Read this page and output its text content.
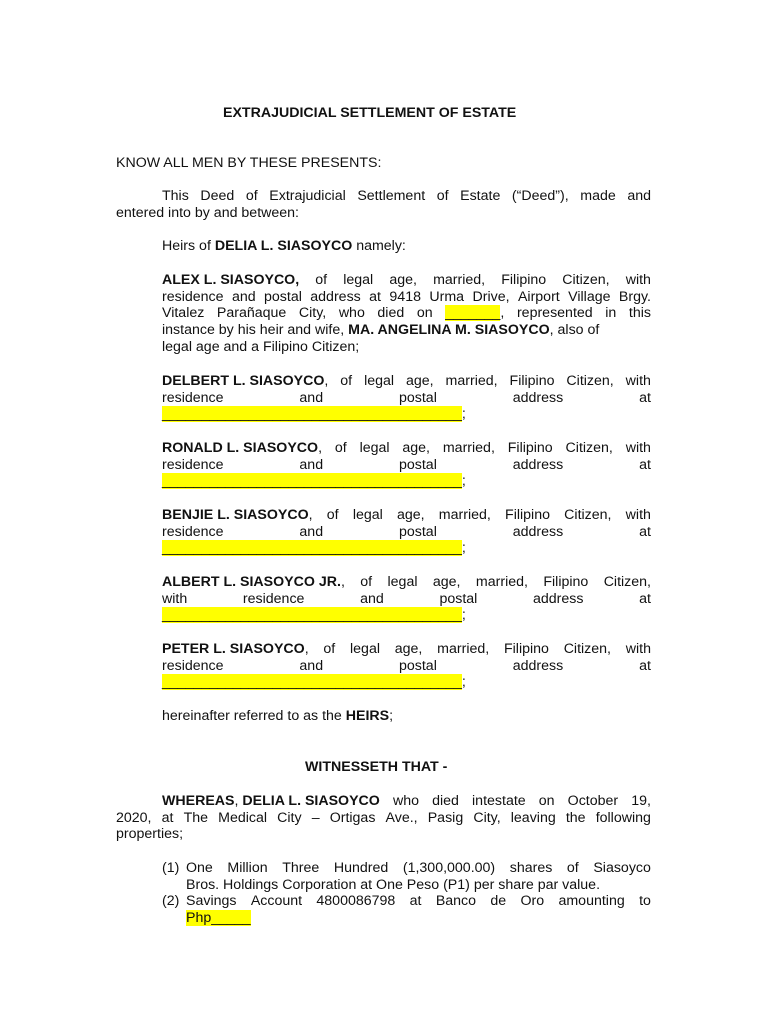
EXTRAJUDICIAL SETTLEMENT OF ESTATE
KNOW ALL MEN BY THESE PRESENTS:
This Deed of Extrajudicial Settlement of Estate (“Deed”), made and
entered into by and between:
Heirs of DELIA L. SIASOYCO namely:
ALEX L. SIASOYCO, of legal age, married, Filipino Citizen, with
residence and postal address at 9418 Urma Drive, Airport Village Brgy.
Vitalez Parañaque City, who died on _______, represented in this
instance by his heir and wife, MA. ANGELINA M. SIASOYCO, also of
legal age and a Filipino Citizen;
DELBERT L. SIASOYCO, of legal age, married, Filipino Citizen, with
residence	and	postal	address	at
______________________________________;
RONALD L. SIASOYCO, of legal age, married, Filipino Citizen, with
residence	and	postal	address	at
______________________________________;
BENJIE L. SIASOYCO, of legal age, married, Filipino Citizen, with
residence	and	postal	address	at
______________________________________;
ALBERT L. SIASOYCO JR., of legal age, married, Filipino Citizen,
with	residence	and	postal	address	at
______________________________________;
PETER L. SIASOYCO, of legal age, married, Filipino Citizen, with
residence	and	postal	address	at
______________________________________;
hereinafter referred to as the HEIRS;
WITNESSETH THAT -
WHEREAS, DELIA L. SIASOYCO who died intestate on October 19,
2020, at The Medical City – Ortigas Ave., Pasig City, leaving the following
properties;
(1) One Million Three Hundred (1,300,000.00) shares of Siasoyco
Bros. Holdings Corporation at One Peso (P1) per share par value.
(2) Savings Account 4800086798 at Banco de Oro amounting to
Php_____
